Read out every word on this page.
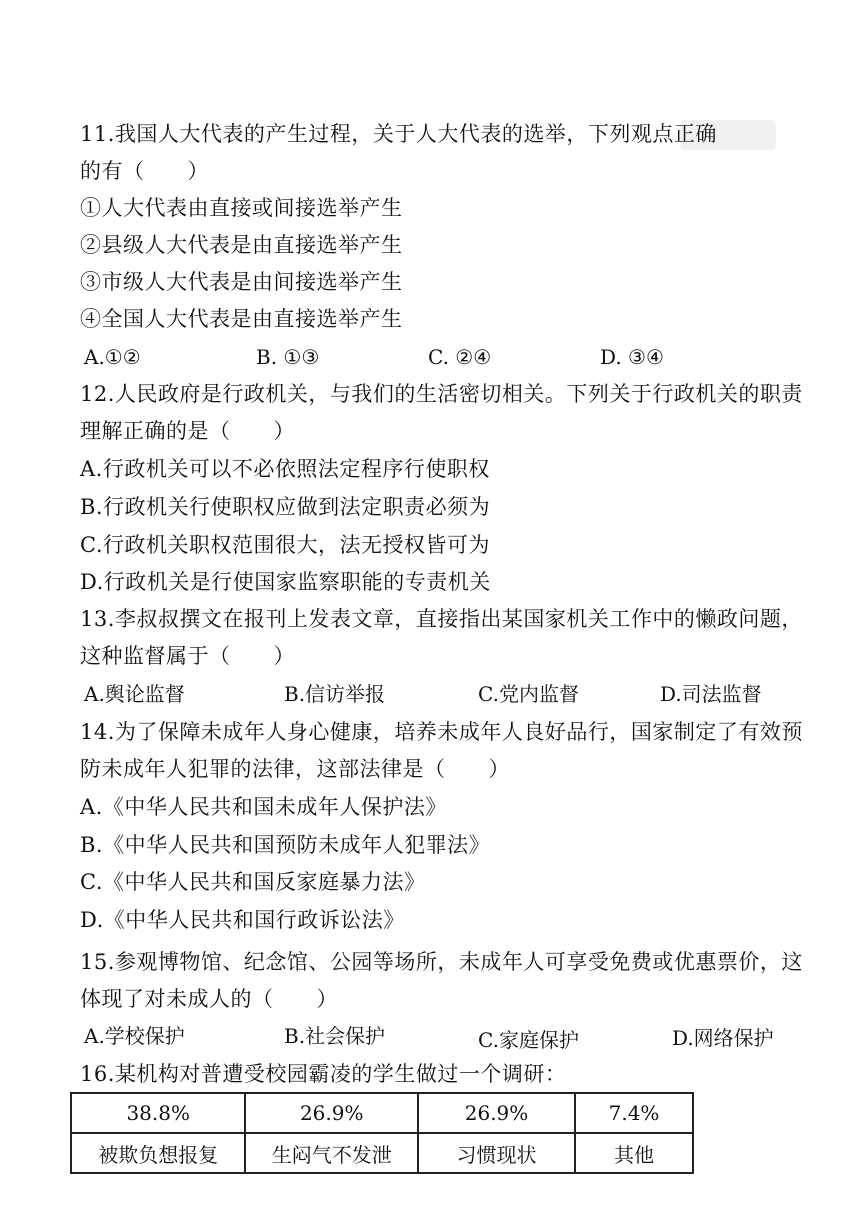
11.我国人大代表的产生过程，关于人大代表的选举，下列观点正确
的有（　　）
①人大代表由直接或间接选举产生
②县级人大代表是由直接选举产生
③市级人大代表是由间接选举产生
④全国人大代表是由直接选举产生
A.①②	B. ①③	C. ②④	D. ③④
12.人民政府是行政机关，与我们的生活密切相关。下列关于行政机关的职责
理解正确的是（　　）
A.行政机关可以不必依照法定程序行使职权
B.行政机关行使职权应做到法定职责必须为
C.行政机关职权范围很大，法无授权皆可为
D.行政机关是行使国家监察职能的专责机关
13.李叔叔撰文在报刊上发表文章，直接指出某国家机关工作中的懒政问题，
这种监督属于（　　）
A.舆论监督	B.信访举报	C.党内监督	D.司法监督
14.为了保障未成年人身心健康，培养未成年人良好品行，国家制定了有效预
防未成年人犯罪的法律，这部法律是（　　）
A.《中华人民共和国未成年人保护法》
B.《中华人民共和国预防未成年人犯罪法》
C.《中华人民共和国反家庭暴力法》
D.《中华人民共和国行政诉讼法》
15.参观博物馆、纪念馆、公园等场所，未成年人可享受免费或优惠票价，这
体现了对未成人的（　　）
A.学校保护	B.社会保护	C.家庭保护	D.网络保护
16.某机构对普遭受校园霸凌的学生做过一个调研：
38.8%	26.9%	26.9%	7.4%
被欺负想报复	生闷气不发泄	习惯现状	其他
